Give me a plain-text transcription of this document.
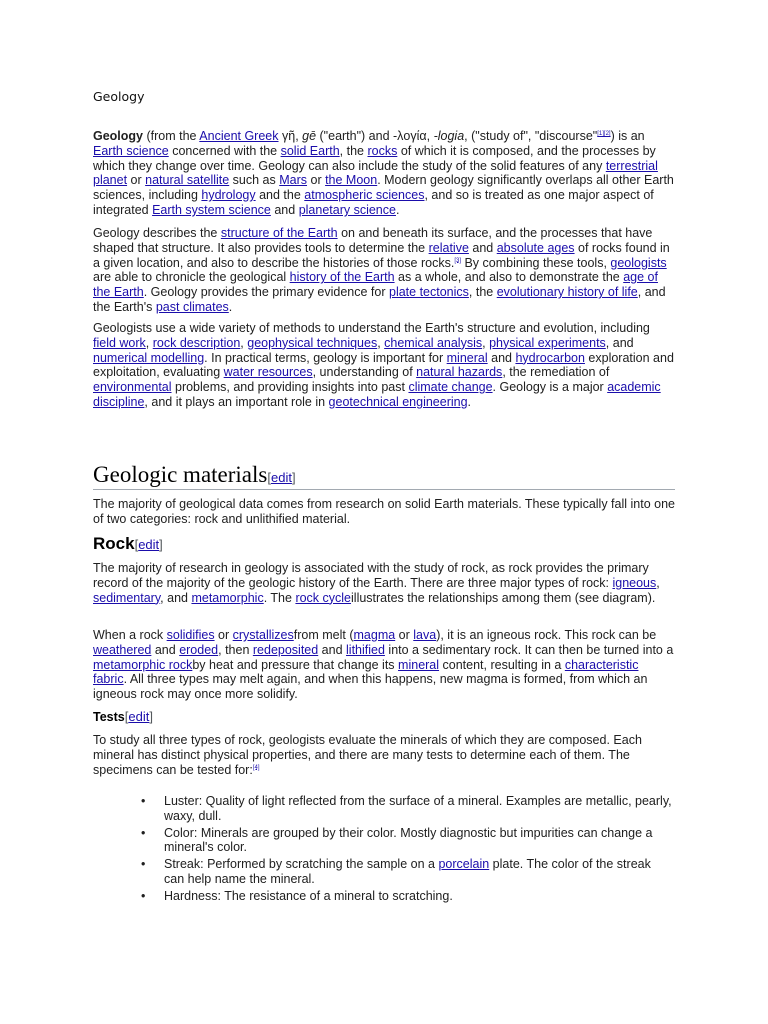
Geology

Geology (from the Ancient Greek γῆ, gē ("earth") and -λoγία, -logia, ("study of", "discourse"[1][2]) is an Earth science concerned with the solid Earth, the rocks of which it is composed, and the processes by which they change over time. Geology can also include the study of the solid features of any terrestrial planet or natural satellite such as Mars or the Moon. Modern geology significantly overlaps all other Earth sciences, including hydrology and the atmospheric sciences, and so is treated as one major aspect of integrated Earth system science and planetary science.

Geology describes the structure of the Earth on and beneath its surface, and the processes that have shaped that structure. It also provides tools to determine the relative and absolute ages of rocks found in a given location, and also to describe the histories of those rocks.[3] By combining these tools, geologists are able to chronicle the geological history of the Earth as a whole, and also to demonstrate the age of the Earth. Geology provides the primary evidence for plate tectonics, the evolutionary history of life, and the Earth's past climates.

Geologists use a wide variety of methods to understand the Earth's structure and evolution, including field work, rock description, geophysical techniques, chemical analysis, physical experiments, and numerical modelling. In practical terms, geology is important for mineral and hydrocarbon exploration and exploitation, evaluating water resources, understanding of natural hazards, the remediation of environmental problems, and providing insights into past climate change. Geology is a major academic discipline, and it plays an important role in geotechnical engineering.

Geologic materials[edit]

The majority of geological data comes from research on solid Earth materials. These typically fall into one of two categories: rock and unlithified material.

Rock[edit]

The majority of research in geology is associated with the study of rock, as rock provides the primary record of the majority of the geologic history of the Earth. There are three major types of rock: igneous, sedimentary, and metamorphic. The rock cycleillustrates the relationships among them (see diagram).

When a rock solidifies or crystallizesfrom melt (magma or lava), it is an igneous rock. This rock can be weathered and eroded, then redeposited and lithified into a sedimentary rock. It can then be turned into a metamorphic rockby heat and pressure that change its mineral content, resulting in a characteristic fabric. All three types may melt again, and when this happens, new magma is formed, from which an igneous rock may once more solidify.

Tests[edit]

To study all three types of rock, geologists evaluate the minerals of which they are composed. Each mineral has distinct physical properties, and there are many tests to determine each of them. The specimens can be tested for:[4]

• Luster: Quality of light reflected from the surface of a mineral. Examples are metallic, pearly, waxy, dull.
• Color: Minerals are grouped by their color. Mostly diagnostic but impurities can change a mineral's color.
• Streak: Performed by scratching the sample on a porcelain plate. The color of the streak can help name the mineral.
• Hardness: The resistance of a mineral to scratching.
